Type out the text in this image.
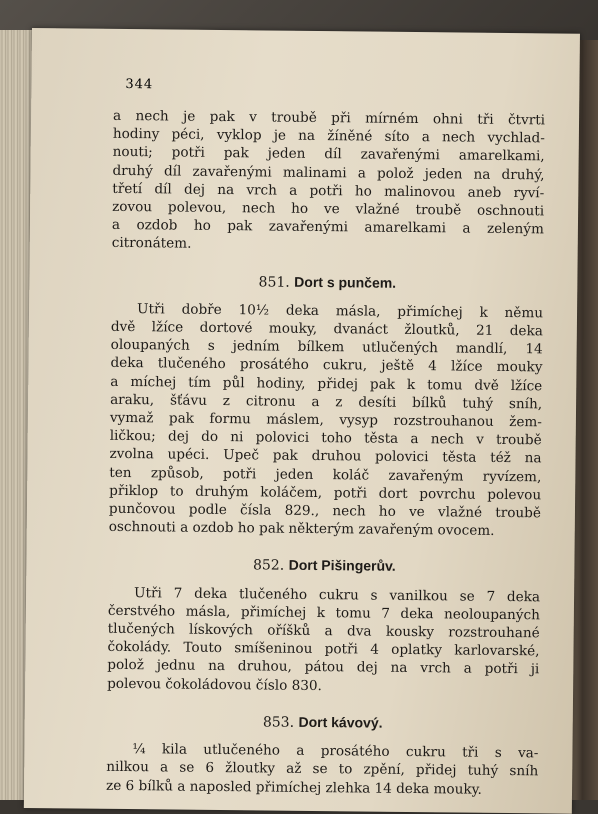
344
a nech je pak v troubě při mírném ohni tři čtvrti
hodiny péci, vyklop je na žíněné síto a nech vychlad-
nouti; potři pak jeden díl zavařenými amarelkami,
druhý díl zavařenými malinami a polož jeden na druhý,
třetí díl dej na vrch a potři ho malinovou aneb ryví-
zovou polevou, nech ho ve vlažné troubě oschnouti
a ozdob ho pak zavařenými amarelkami a zeleným
citronátem.
851. Dort s punčem.
Utři dobře 10½ deka másla, přimíchej k němu
dvě lžíce dortové mouky, dvanáct žloutků, 21 deka
oloupaných s jedním bílkem utlučených mandlí, 14
deka tlučeného prosátého cukru, ještě 4 lžíce mouky
a míchej tím půl hodiny, přidej pak k tomu dvě lžíce
araku, šťávu z citronu a z desíti bílků tuhý sníh,
vymaž pak formu máslem, vysyp rozstrouhanou žem-
ličkou; dej do ni polovici toho těsta a nech v troubě
zvolna upéci. Upeč pak druhou polovici těsta též na
ten způsob, potři jeden koláč zavařeným ryvízem,
přiklop to druhým koláčem, potři dort povrchu polevou
punčovou podle čísla 829., nech ho ve vlažné troubě
oschnouti a ozdob ho pak některým zavařeným ovocem.
852. Dort Pišingerův.
Utři 7 deka tlučeného cukru s vanilkou se 7 deka
čerstvého másla, přimíchej k tomu 7 deka neoloupaných
tlučených lískových oříšků a dva kousky rozstrouhané
čokolády. Touto smíšeninou potři 4 oplatky karlovarské,
polož jednu na druhou, pátou dej na vrch a potři ji
polevou čokoládovou číslo 830.
853. Dort kávový.
¼ kila utlučeného a prosátého cukru tři s va-
nilkou a se 6 žloutky až se to zpění, přidej tuhý sníh
ze 6 bílků a naposled přimíchej zlehka 14 deka mouky.
